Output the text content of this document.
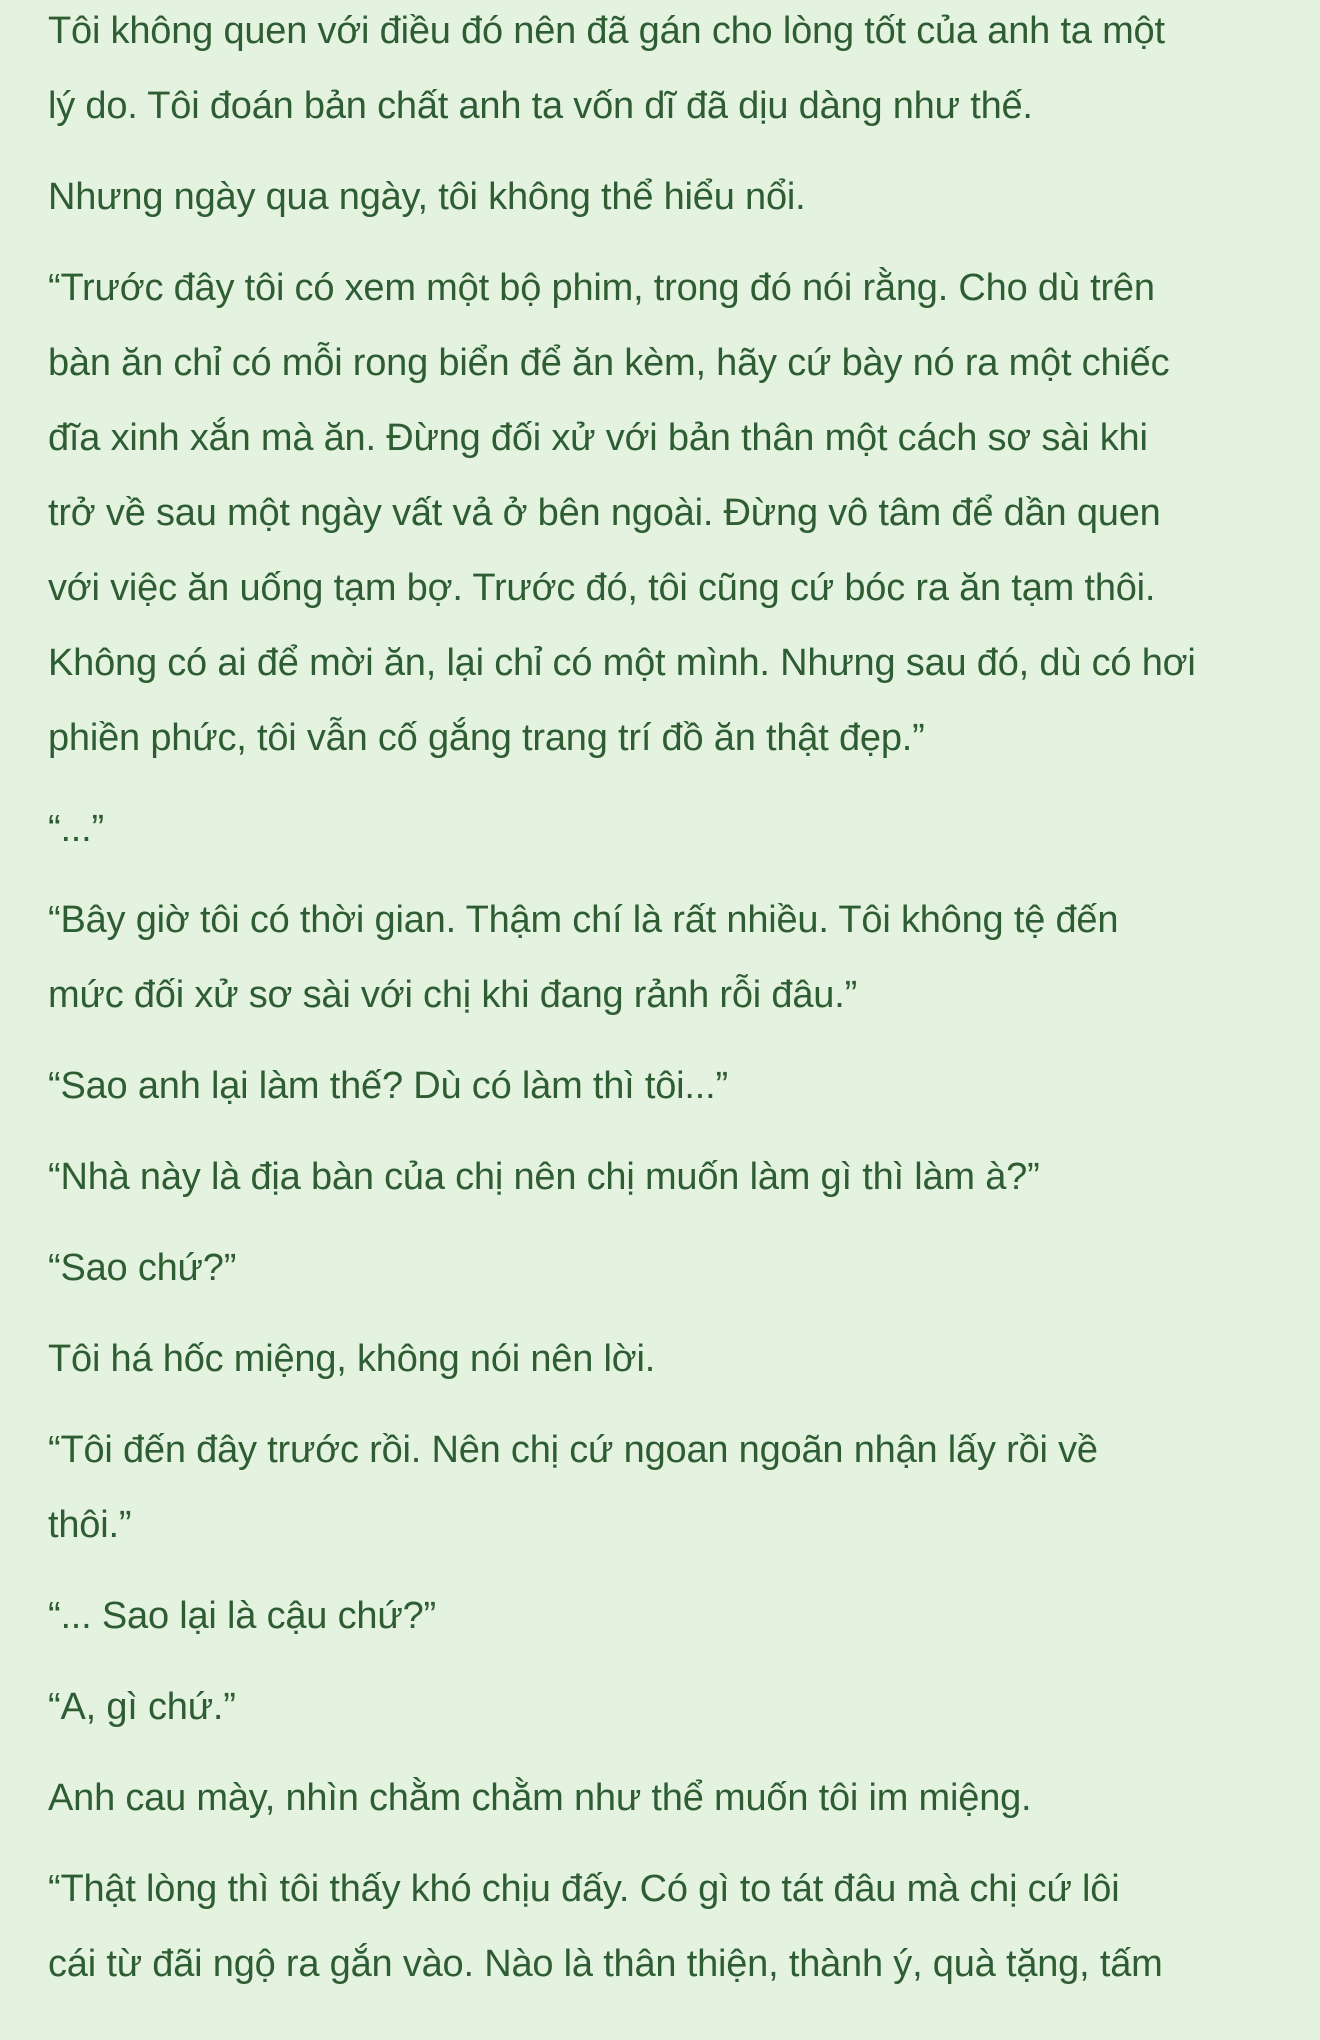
Tôi không quen với điều đó nên đã gán cho lòng tốt của anh ta một
lý do. Tôi đoán bản chất anh ta vốn dĩ đã dịu dàng như thế.

Nhưng ngày qua ngày, tôi không thể hiểu nổi.

“Trước đây tôi có xem một bộ phim, trong đó nói rằng. Cho dù trên
bàn ăn chỉ có mỗi rong biển để ăn kèm, hãy cứ bày nó ra một chiếc
đĩa xinh xắn mà ăn. Đừng đối xử với bản thân một cách sơ sài khi
trở về sau một ngày vất vả ở bên ngoài. Đừng vô tâm để dần quen
với việc ăn uống tạm bợ. Trước đó, tôi cũng cứ bóc ra ăn tạm thôi.
Không có ai để mời ăn, lại chỉ có một mình. Nhưng sau đó, dù có hơi
phiền phức, tôi vẫn cố gắng trang trí đồ ăn thật đẹp.”

“...”

“Bây giờ tôi có thời gian. Thậm chí là rất nhiều. Tôi không tệ đến
mức đối xử sơ sài với chị khi đang rảnh rỗi đâu.”

“Sao anh lại làm thế? Dù có làm thì tôi...”

“Nhà này là địa bàn của chị nên chị muốn làm gì thì làm à?”

“Sao chứ?”

Tôi há hốc miệng, không nói nên lời.

“Tôi đến đây trước rồi. Nên chị cứ ngoan ngoãn nhận lấy rồi về
thôi.”

“... Sao lại là cậu chứ?”

“A, gì chứ.”

Anh cau mày, nhìn chằm chằm như thể muốn tôi im miệng.

“Thật lòng thì tôi thấy khó chịu đấy. Có gì to tát đâu mà chị cứ lôi
cái từ đãi ngộ ra gắn vào. Nào là thân thiện, thành ý, quà tặng, tấm
